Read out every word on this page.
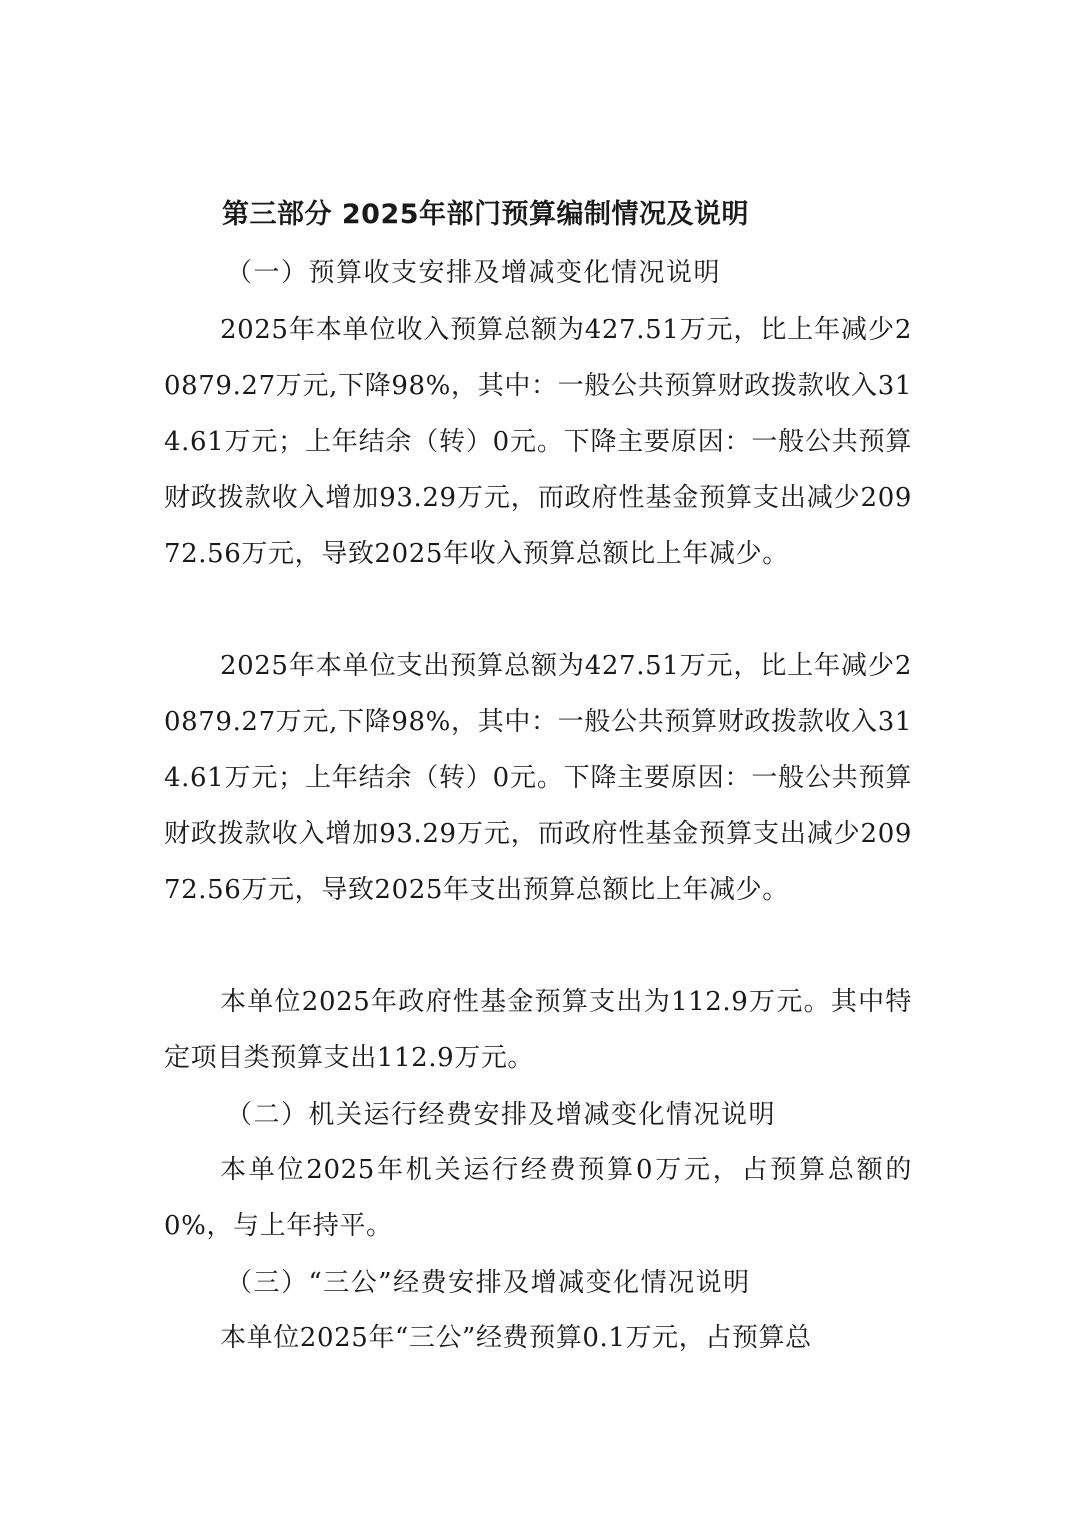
第三部分 2025年部门预算编制情况及说明
（一）预算收支安排及增减变化情况说明

2025年本单位收入预算总额为427.51万元，比上年减少20879.27万元,下降98%，其中：一般公共预算财政拨款收入314.61万元；上年结余（转）0元。下降主要原因：一般公共预算财政拨款收入增加93.29万元，而政府性基金预算支出减少20972.56万元，导致2025年收入预算总额比上年减少。

2025年本单位支出预算总额为427.51万元，比上年减少20879.27万元,下降98%，其中：一般公共预算财政拨款收入314.61万元；上年结余（转）0元。下降主要原因：一般公共预算财政拨款收入增加93.29万元，而政府性基金预算支出减少20972.56万元，导致2025年支出预算总额比上年减少。

本单位2025年政府性基金预算支出为112.9万元。其中特定项目类预算支出112.9万元。

（二）机关运行经费安排及增减变化情况说明

本单位2025年机关运行经费预算0万元，占预算总额的0%，与上年持平。

（三）“三公”经费安排及增减变化情况说明

本单位2025年“三公”经费预算0.1万元，占预算总
